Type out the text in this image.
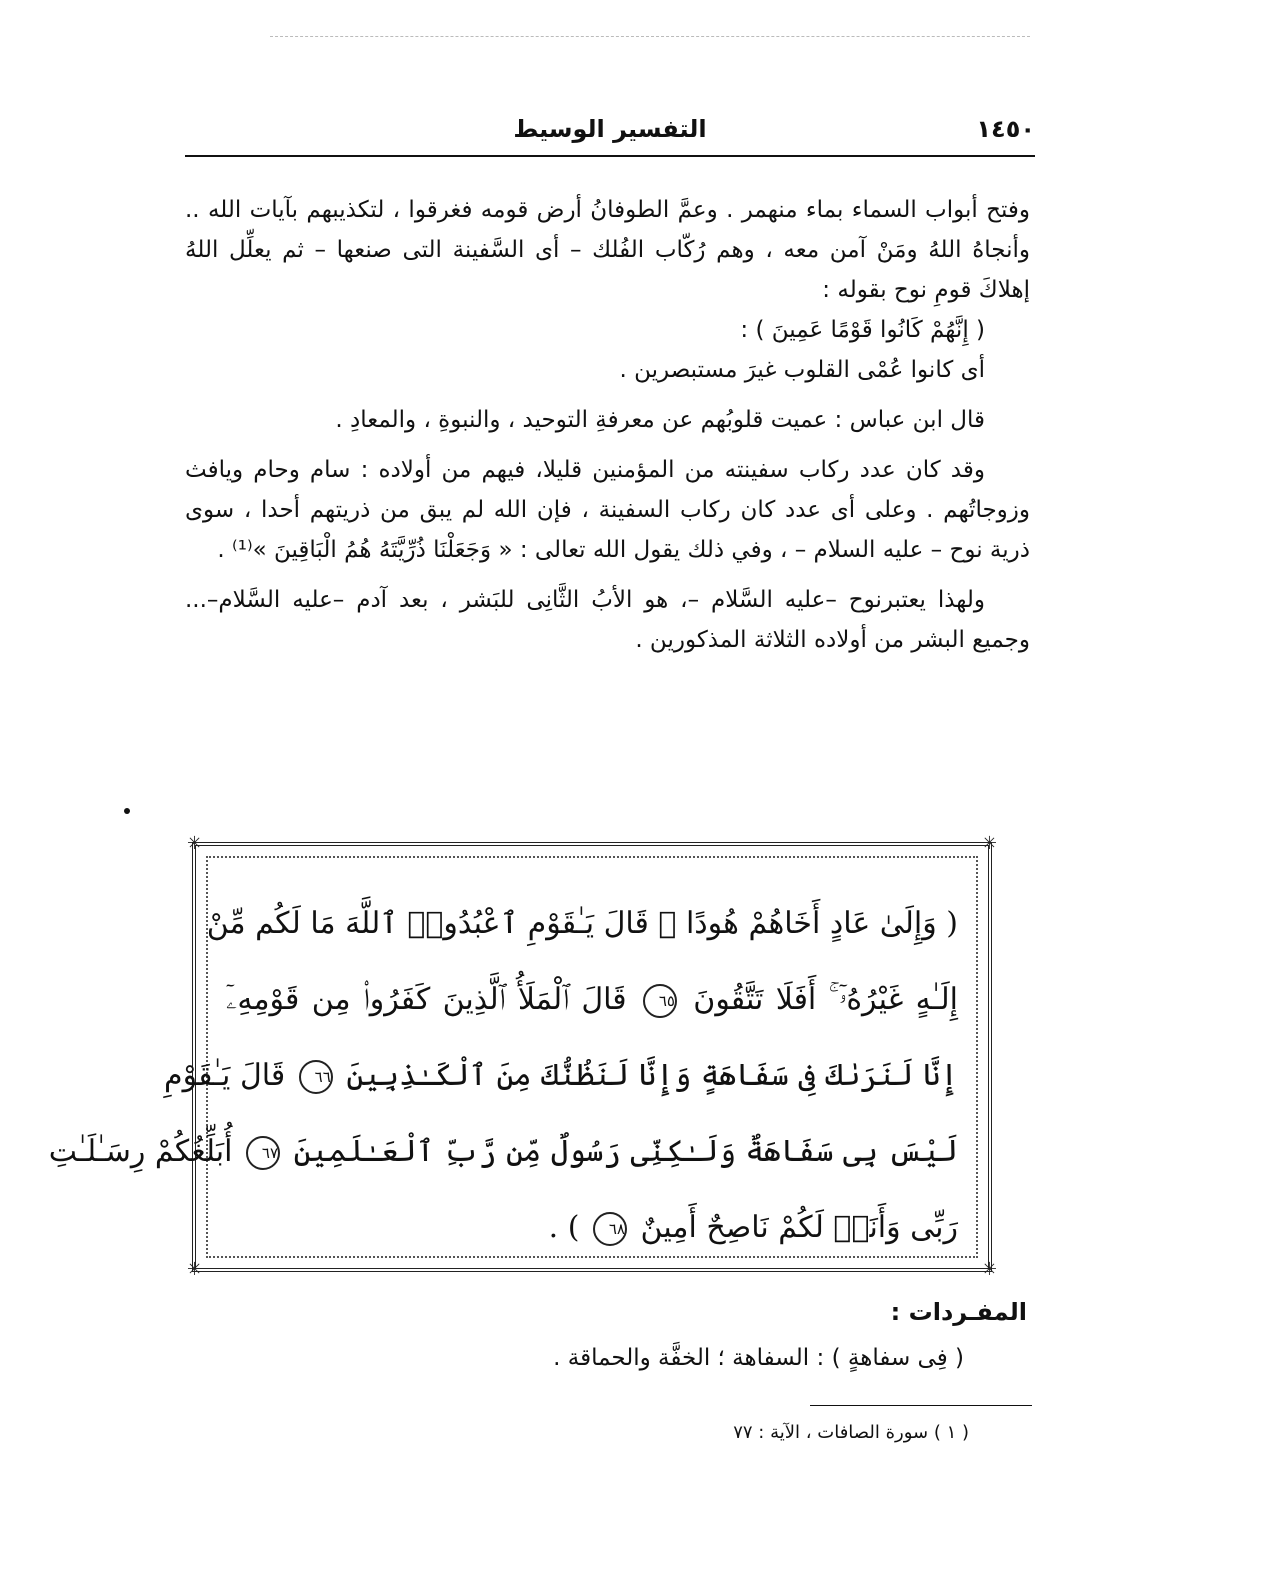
١٤٥٠
التفسير الوسيط

وفتح أبواب السماء بماء منهمر . وعمَّ الطوفانُ أرض قومه فغرقوا ، لتكذيبهم بآيات الله .. وأنجاهُ اللهُ ومَنْ آمن معه ، وهم رُكّاب الفُلك – أى السَّفينة التى صنعها – ثم يعلِّل اللهُ إهلاكَ قومِ نوح بقوله :

( إِنَّهُمْ كَانُوا قَوْمًا عَمِينَ ) :

أى كانوا عُمْى القلوب غيرَ مستبصرين .

قال ابن عباس : عميت قلوبُهم عن معرفةِ التوحيد ، والنبوةِ ، والمعادِ .

وقد كان عدد ركاب سفينته من المؤمنين قليلا، فيهم من أولاده : سام وحام ويافث وزوجاتُهم . وعلى أى عدد كان ركاب السفينة ، فإن الله لم يبق من ذريتهم أحدا ، سوى ذرية نوح – عليه السلام – ، وفي ذلك يقول الله تعالى : « وَجَعَلْنَا ذُرِّيَّتَهُ هُمُ الْبَاقِينَ »⁽¹⁾ .

ولهذا يعتبرنوح –عليه السَّلام –، هو الأبُ الثَّانِى للبَشر ، بعد آدم –عليه السَّلام–... وجميع البشر من أولاده الثلاثة المذكورين .

✳	✳
✳	✳
( وَإِلَىٰ عَادٍ أَخَاهُمْ هُودًا ۗ قَالَ يَـٰقَوْمِ ٱعْبُدُوا۟ ٱللَّهَ مَا لَكُم مِّنْ
إِلَـٰهٍ غَيْرُهُۥٓ ۚ أَفَلَا تَتَّقُونَ ٦٥ قَالَ ٱلْمَلَأُ ٱلَّذِينَ كَفَرُوا۟ مِن قَوْمِهِۦٓ
إِنَّا لَنَرَىٰكَ فِى سَفَاهَةٍ وَإِنَّا لَنَظُنُّكَ مِنَ ٱلْكَـٰذِبِينَ ٦٦ قَالَ يَـٰقَوْمِ
لَيْسَ بِى سَفَاهَةٌ وَلَـٰكِنِّى رَسُولٌ مِّن رَّبِّ ٱلْعَـٰلَمِينَ ٦٧ أُبَلِّغُكُمْ رِسَـٰلَـٰتِ
رَبِّى وَأَنَا۠ لَكُمْ نَاصِحٌ أَمِينٌ ٦٨ ) .
المفـردات :
( فِى سفاهةٍ ) : السفاهة ؛ الخفَّة والحماقة .
( ١ ) سورة الصافات ، الآية : ٧٧
